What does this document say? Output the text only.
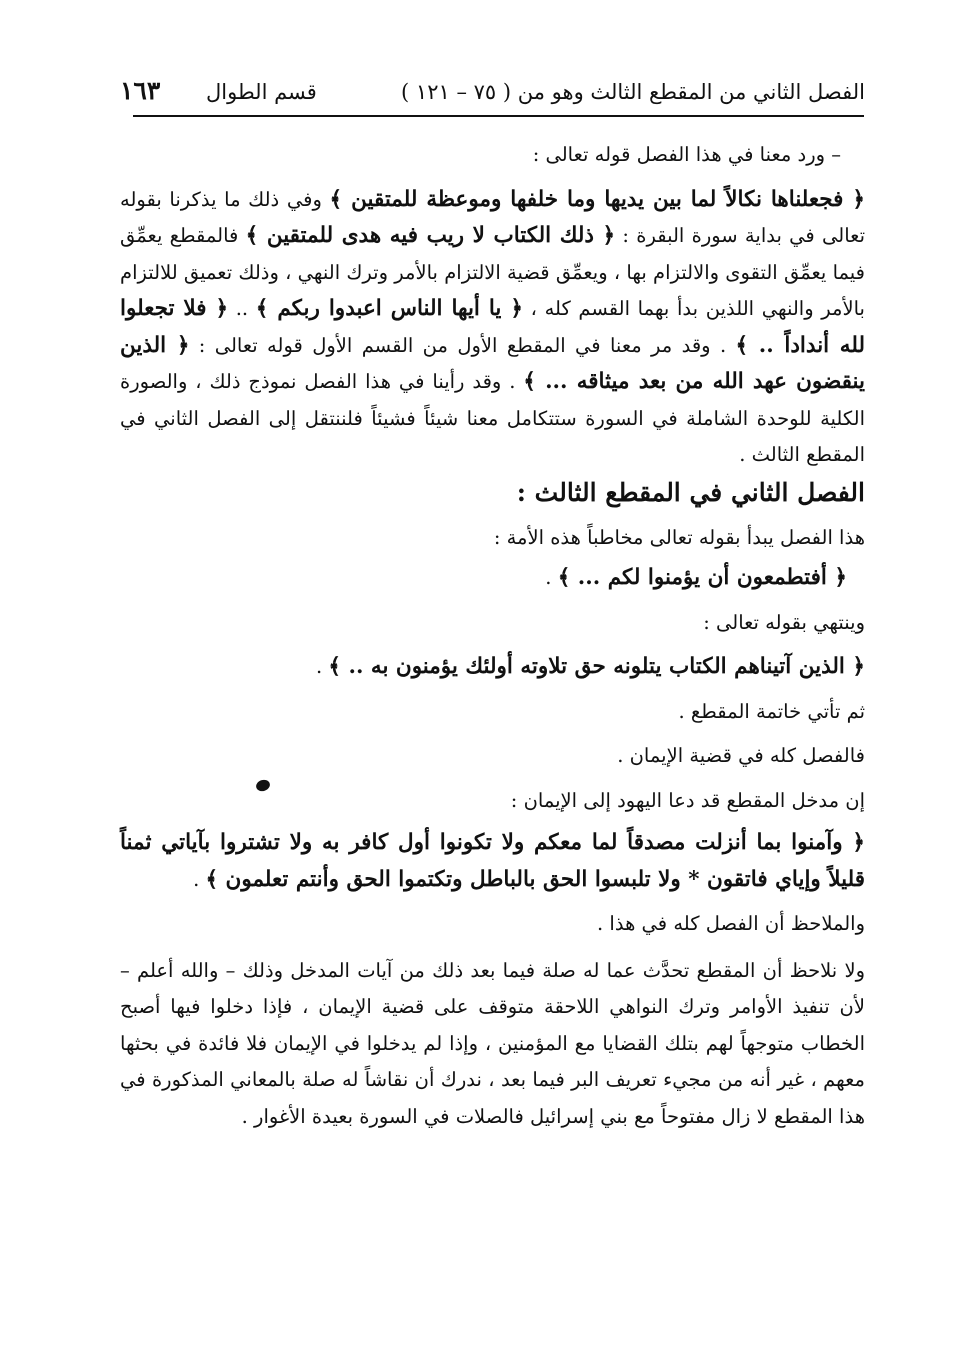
الفصل الثاني من المقطع الثالث وهو من ( ٧٥ – ١٢١ )
قسم الطوال
١٦٣

– ورد معنا في هذا الفصل قوله تعالى :

﴿ فجعلناها نكالاً لما بين يديها وما خلفها وموعظة للمتقين ﴾ وفي ذلك ما يذكرنا بقوله تعالى في بداية سورة البقرة : ﴿ ذلك الكتاب لا ريب فيه هدى للمتقين ﴾ فالمقطع يعمِّق فيما يعمِّق التقوى والالتزام بها ، ويعمِّق قضية الالتزام بالأمر وترك النهي ، وذلك تعميق للالتزام بالأمر والنهي اللذين بدأ بهما القسم كله ، ﴿ يا أيها الناس اعبدوا ربكم ﴾ .. ﴿ فلا تجعلوا لله أنداداً .. ﴾ . وقد مر معنا في المقطع الأول من القسم الأول قوله تعالى : ﴿ الذين ينقضون عهد الله من بعد ميثاقه ... ﴾ . وقد رأينا في هذا الفصل نموذج ذلك ، والصورة الكلية للوحدة الشاملة في السورة ستتكامل معنا شيئاً فشيئاً فلننتقل إلى الفصل الثاني في المقطع الثالث .

الفصل الثاني في المقطع الثالث :

هذا الفصل يبدأ بقوله تعالى مخاطباً هذه الأمة :

﴿ أفتطمعون أن يؤمنوا لكم ... ﴾ .

وينتهي بقوله تعالى :

﴿ الذين آتيناهم الكتاب يتلونه حق تلاوته أولئك يؤمنون به .. ﴾ .

ثم تأتي خاتمة المقطع .

فالفصل كله في قضية الإيمان .

إن مدخل المقطع قد دعا اليهود إلى الإيمان :

﴿ وآمنوا بما أنزلت مصدقاً لما معكم ولا تكونوا أول كافر به ولا تشتروا بآياتي ثمناً قليلاً وإياي فاتقون * ولا تلبسوا الحق بالباطل وتكتموا الحق وأنتم تعلمون ﴾ .

والملاحظ أن الفصل كله في هذا .

ولا نلاحظ أن المقطع تحدَّث عما له صلة فيما بعد ذلك من آيات المدخل وذلك – والله أعلم – لأن تنفيذ الأوامر وترك النواهي اللاحقة متوقف على قضية الإيمان ، فإذا دخلوا فيها أصبح الخطاب متوجهاً لهم بتلك القضايا مع المؤمنين ، وإذا لم يدخلوا في الإيمان فلا فائدة في بحثها معهم ، غير أنه من مجيء تعريف البر فيما بعد ، ندرك أن نقاشاً له صلة بالمعاني المذكورة في هذا المقطع لا زال مفتوحاً مع بني إسرائيل فالصلات في السورة بعيدة الأغوار .
